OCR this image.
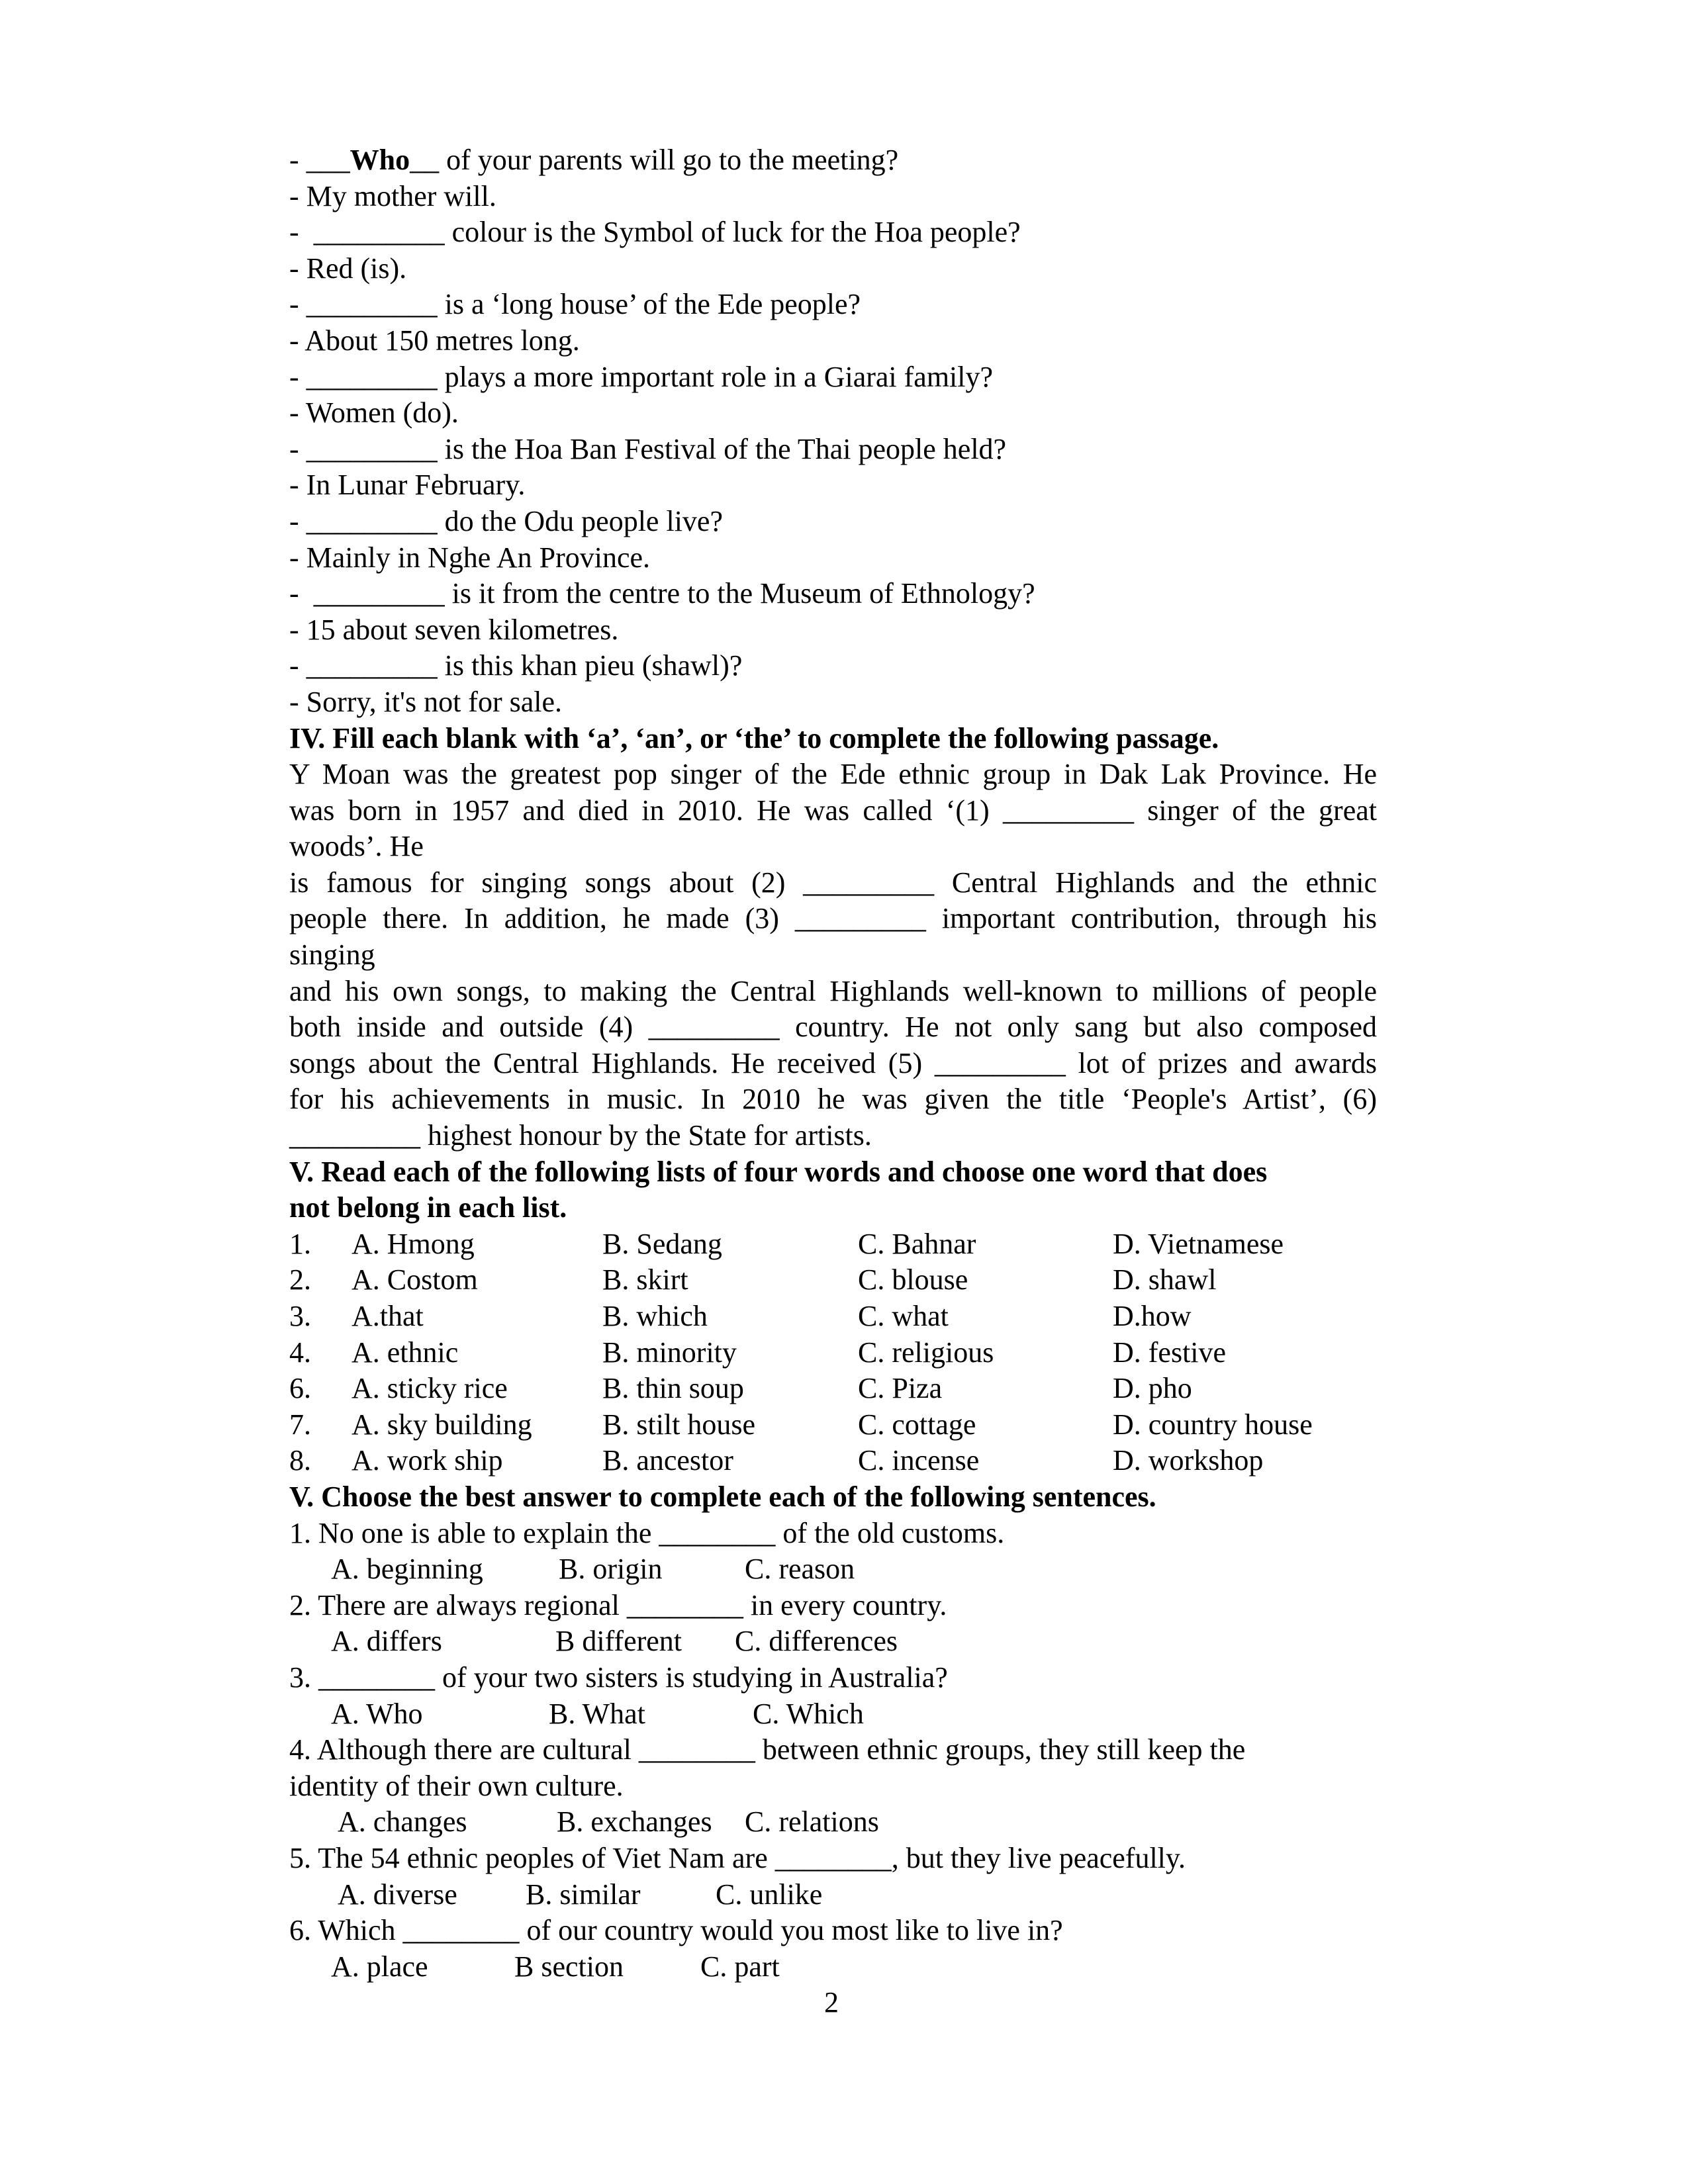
- ___Who__ of your parents will go to the meeting?
- My mother will.
-  _________ colour is the Symbol of luck for the Hoa people?
- Red (is).
- _________ is a ‘long house’ of the Ede people?
- About 150 metres long.
- _________ plays a more important role in a Giarai family?
- Women (do).
- _________ is the Hoa Ban Festival of the Thai people held?
- In Lunar February.
- _________ do the Odu people live?
- Mainly in Nghe An Province.
-  _________ is it from the centre to the Museum of Ethnology?
- 15 about seven kilometres.
- _________ is this khan pieu (shawl)?
- Sorry, it's not for sale.
IV. Fill each blank with ‘a’, ‘an’, or ‘the’ to complete the following passage.
Y Moan was the greatest pop singer of the Ede ethnic group in Dak Lak Province. He
was born in 1957 and died in 2010. He was called ‘(1) _________ singer of the great
woods’. He
is famous for singing songs about (2) _________ Central Highlands and the ethnic
people there. In addition, he made (3) _________ important contribution, through his
singing
and his own songs, to making the Central Highlands well-known to millions of people
both inside and outside (4) _________ country. He not only sang but also composed
songs about the Central Highlands. He received (5) _________ lot of prizes and awards
for his achievements in music. In 2010 he was given the title ‘People's Artist’, (6)
_________ highest honour by the State for artists.
V. Read each of the following lists of four words and choose one word that does
not belong in each list.
1. A. Hmong	B. Sedang	C. Bahnar	D. Vietnamese
2. A. Costom	B. skirt	C. blouse	D. shawl
3. A.that	B. which	C. what	D.how
4. A. ethnic	B. minority	C. religious	D. festive
6. A. sticky rice	B. thin soup	C. Piza	D. pho
7. A. sky building B. stilt house	C. cottage	D. country house
8. A. work ship	B. ancestor	C. incense	D. workshop
V. Choose the best answer to complete each of the following sentences.
1. No one is able to explain the ________ of the old customs.
A. beginning	B. origin	C. reason
2. There are always regional ________ in every country.
A. differs	B different C. differences
3. ________ of your two sisters is studying in Australia?
A. Who	B. What	C. Which
4. Although there are cultural ________ between ethnic groups, they still keep the
identity of their own culture.
A. changes	B. exchanges C. relations
5. The 54 ethnic peoples of Viet Nam are ________, but they live peacefully.
A. diverse B. similar	C. unlike
6. Which ________ of our country would you most like to live in?
A. place	B section	C. part
2
